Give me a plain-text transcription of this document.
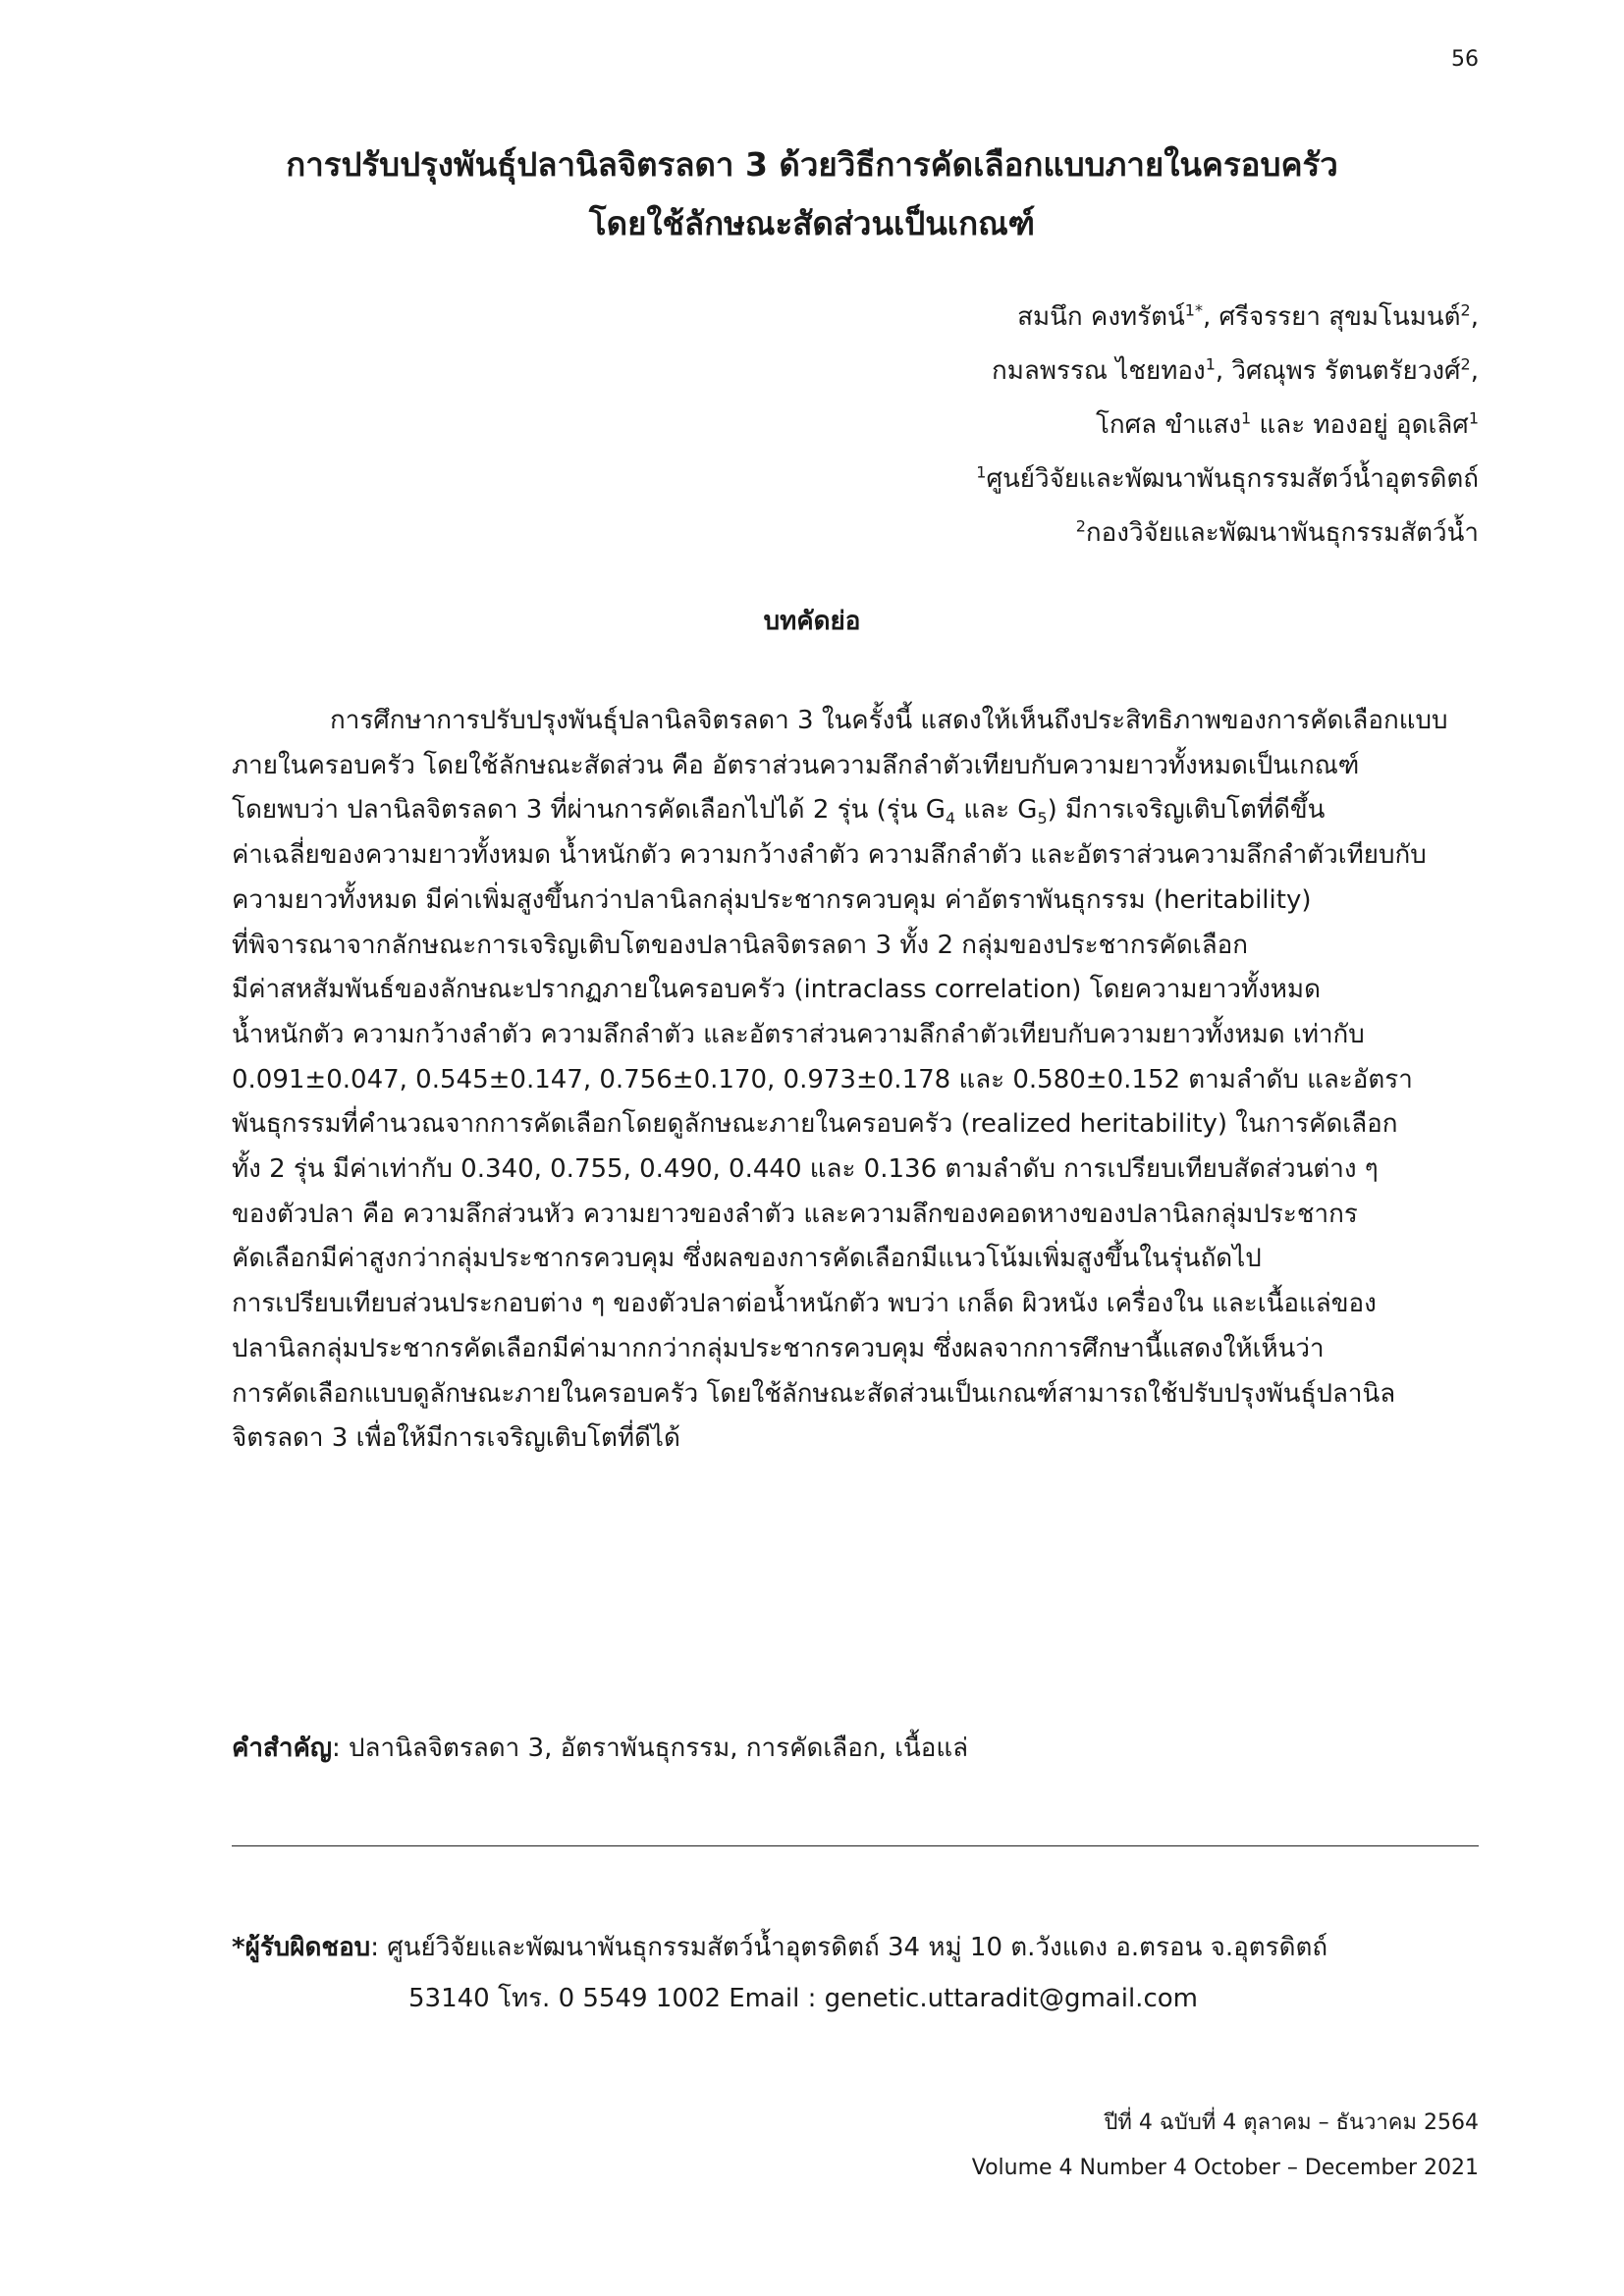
56
การปรับปรุงพันธุ์ปลานิลจิตรลดา 3 ด้วยวิธีการคัดเลือกแบบภายในครอบครัว
โดยใช้ลักษณะสัดส่วนเป็นเกณฑ์
สมนึก คงทรัตน์$^{1*}$, ศรีจรรยา สุขมโนมนต์$^2$,
กมลพรรณ ไชยทอง$^1$, วิศณุพร รัตนตรัยวงศ์$^2$,
โกศล ขำแสง$^1$ และ ทองอยู่ อุดเลิศ$^1$
$^1$ศูนย์วิจัยและพัฒนาพันธุกรรมสัตว์น้ำอุตรดิตถ์
$^2$กองวิจัยและพัฒนาพันธุกรรมสัตว์น้ำ
บทคัดย่อ
การศึกษาการปรับปรุงพันธุ์ปลานิลจิตรลดา 3 ในครั้งนี้ แสดงให้เห็นถึงประสิทธิภาพของการคัดเลือกแบบ
ภายในครอบครัว โดยใช้ลักษณะสัดส่วน คือ อัตราส่วนความลึกลำตัวเทียบกับความยาวทั้งหมดเป็นเกณฑ์
โดยพบว่า ปลานิลจิตรลดา 3 ที่ผ่านการคัดเลือกไปได้ 2 รุ่น (รุ่น $G_4$ และ $G_5$) มีการเจริญเติบโตที่ดีขึ้น
ค่าเฉลี่ยของความยาวทั้งหมด น้ำหนักตัว ความกว้างลำตัว ความลึกลำตัว และอัตราส่วนความลึกลำตัวเทียบกับ
ความยาวทั้งหมด มีค่าเพิ่มสูงขึ้นกว่าปลานิลกลุ่มประชากรควบคุม ค่าอัตราพันธุกรรม (heritability)
ที่พิจารณาจากลักษณะการเจริญเติบโตของปลานิลจิตรลดา 3 ทั้ง 2 กลุ่มของประชากรคัดเลือก
มีค่าสหสัมพันธ์ของลักษณะปรากฏภายในครอบครัว (intraclass correlation) โดยความยาวทั้งหมด
น้ำหนักตัว ความกว้างลำตัว ความลึกลำตัว และอัตราส่วนความลึกลำตัวเทียบกับความยาวทั้งหมด เท่ากับ
0.091±0.047, 0.545±0.147, 0.756±0.170, 0.973±0.178 และ 0.580±0.152 ตามลำดับ และอัตรา
พันธุกรรมที่คำนวณจากการคัดเลือกโดยดูลักษณะภายในครอบครัว (realized heritability) ในการคัดเลือก
ทั้ง 2 รุ่น มีค่าเท่ากับ 0.340, 0.755, 0.490, 0.440 และ 0.136 ตามลำดับ การเปรียบเทียบสัดส่วนต่าง ๆ
ของตัวปลา คือ ความลึกส่วนหัว ความยาวของลำตัว และความลึกของคอดหางของปลานิลกลุ่มประชากร
คัดเลือกมีค่าสูงกว่ากลุ่มประชากรควบคุม ซึ่งผลของการคัดเลือกมีแนวโน้มเพิ่มสูงขึ้นในรุ่นถัดไป
การเปรียบเทียบส่วนประกอบต่าง ๆ ของตัวปลาต่อน้ำหนักตัว พบว่า เกล็ด ผิวหนัง เครื่องใน และเนื้อแล่ของ
ปลานิลกลุ่มประชากรคัดเลือกมีค่ามากกว่ากลุ่มประชากรควบคุม ซึ่งผลจากการศึกษานี้แสดงให้เห็นว่า
การคัดเลือกแบบดูลักษณะภายในครอบครัว โดยใช้ลักษณะสัดส่วนเป็นเกณฑ์สามารถใช้ปรับปรุงพันธุ์ปลานิล
จิตรลดา 3 เพื่อให้มีการเจริญเติบโตที่ดีได้
คำสำคัญ: ปลานิลจิตรลดา 3, อัตราพันธุกรรม, การคัดเลือก, เนื้อแล่
*ผู้รับผิดชอบ: ศูนย์วิจัยและพัฒนาพันธุกรรมสัตว์น้ำอุตรดิตถ์ 34 หมู่ 10 ต.วังแดง อ.ตรอน จ.อุตรดิตถ์
53140 โทร. 0 5549 1002 Email : genetic.uttaradit@gmail.com
ปีที่ 4 ฉบับที่ 4 ตุลาคม – ธันวาคม 2564
Volume 4 Number 4 October – December 2021
